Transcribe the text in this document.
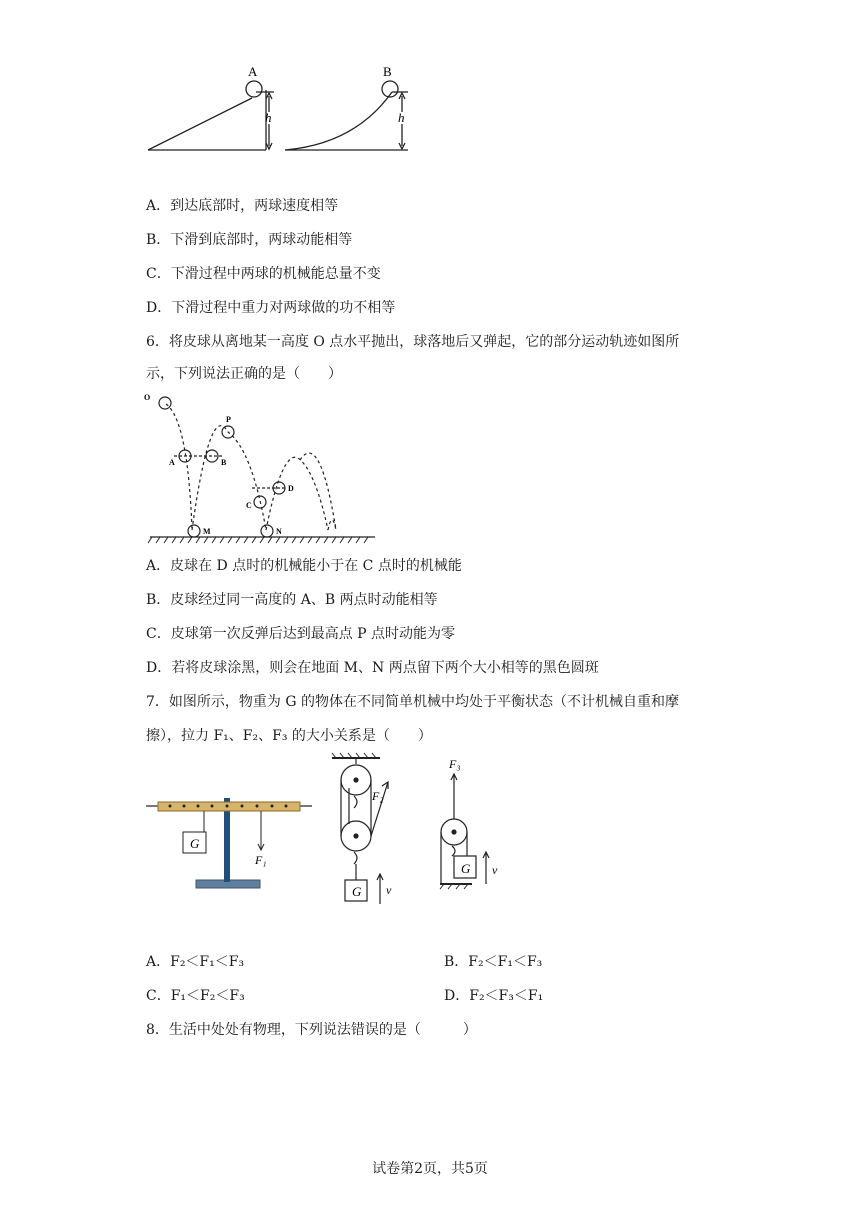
A	B
h	h
A．到达底部时，两球速度相等
B．下滑到底部时，两球动能相等
C．下滑过程中两球的机械能总量不变
D．下滑过程中重力对两球做的功不相等
6．将皮球从离地某一高度 O 点水平抛出，球落地后又弹起，它的部分运动轨迹如图所
示，下列说法正确的是（　　）
O
P
A	B
C
D
M	N
A．皮球在 D 点时的机械能小于在 C 点时的机械能
B．皮球经过同一高度的 A、B 两点时动能相等
C．皮球第一次反弹后达到最高点 P 点时动能为零
D．若将皮球涂黑，则会在地面 M、N 两点留下两个大小相等的黑色圆斑
7．如图所示，物重为 G 的物体在不同简单机械中均处于平衡状态（不计机械自重和摩
擦），拉力 F₁、F₂、F₃ 的大小关系是（　　）
G
F₁
G
F₂
v
F₃
G v
A．F₂＜F₁＜F₃	B．F₂＜F₁＜F₃
C．F₁＜F₂＜F₃	D．F₂＜F₃＜F₁
8．生活中处处有物理，下列说法错误的是（　　　）
试卷第2页，共5页
